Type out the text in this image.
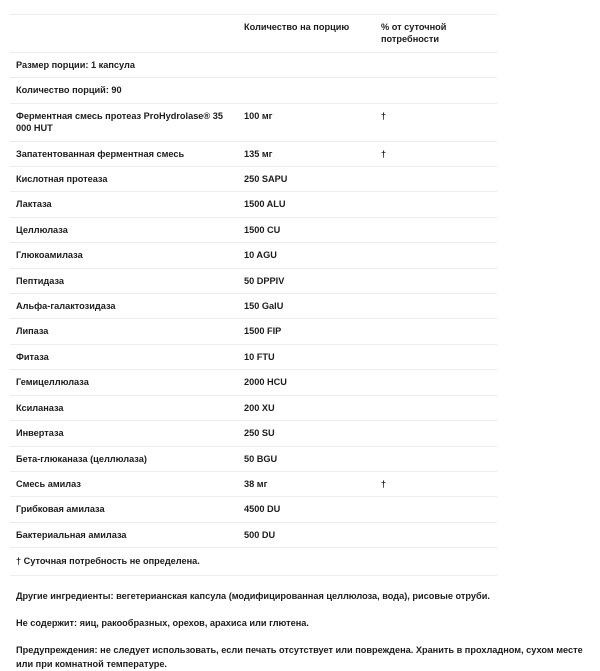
Размер порции: 1 капсула		
Количество порций: 90		
	Количество на порцию	% от суточной потребности
Ферментная смесь протеаз ProHydrolase® 35 000 HUT	100 мг	†
Запатентованная ферментная смесь	135 мг	†
Кислотная протеаза	250 SAPU	
Лактаза	1500 ALU	
Целлюлаза	1500 CU	
Глюкоамилаза	10 AGU	
Пептидаза	50 DPPIV	
Альфа-галактозидаза	150 GalU	
Липаза	1500 FIP	
Фитаза	10 FTU	
Гемицеллюлаза	2000 HCU	
Ксиланаза	200 XU	
Инвертаза	250 SU	
Бета-глюканаза (целлюлаза)	50 BGU	
Смесь амилаз	38 мг	†
Грибковая амилаза	4500 DU	
Бактериальная амилаза	500 DU	
† Суточная потребность не определена.		

Другие ингредиенты: вегетерианская капсула (модифицированная целлюлоза, вода), рисовые отруби.

Не содержит: яиц, ракообразных, орехов, арахиса или глютена.

Предупреждения: не следует использовать, если печать отсутствует или повреждена. Хранить в прохладном, сухом месте или при комнатной температуре.
